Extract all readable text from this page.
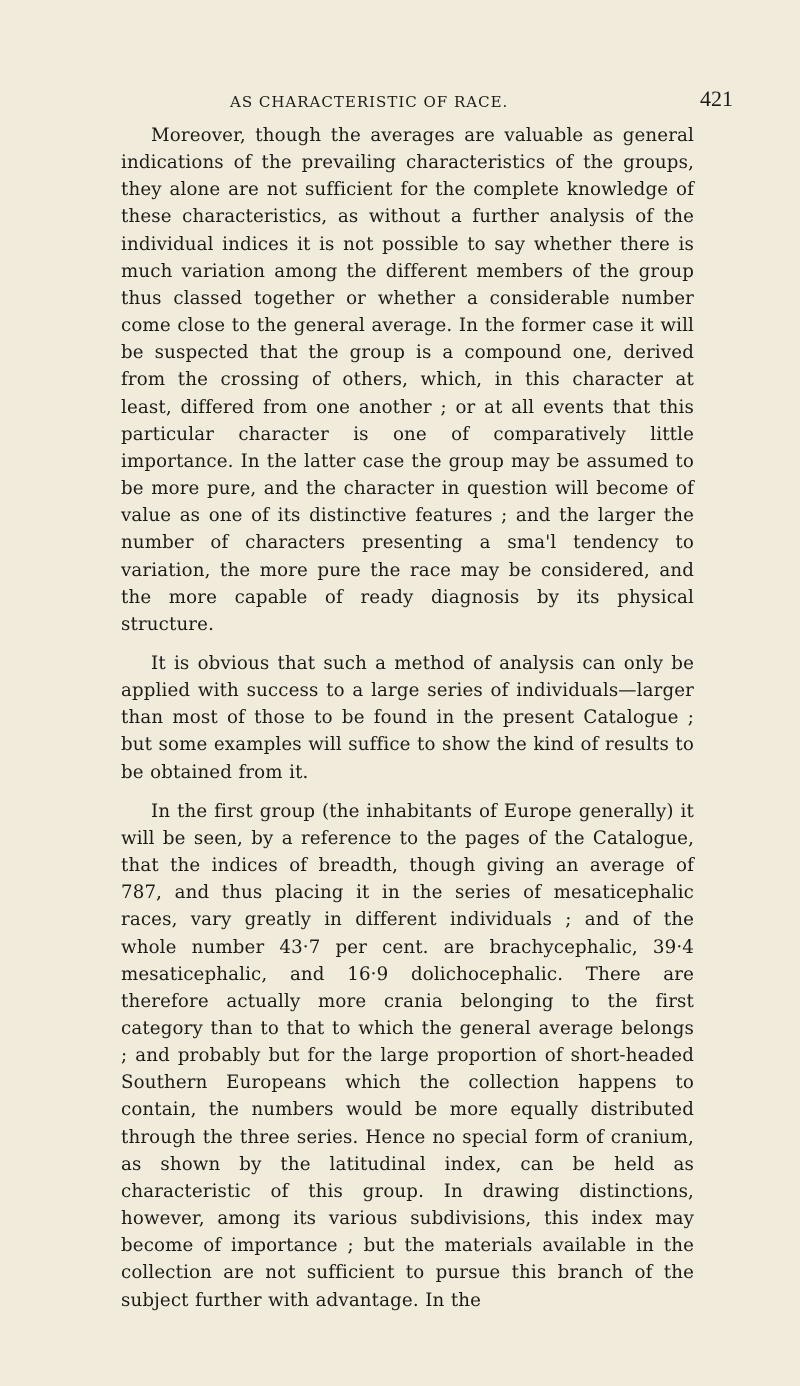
AS CHARACTERISTIC OF RACE.	421

Moreover, though the averages are valuable as general indications of the prevailing characteristics of the groups, they alone are not sufficient for the complete knowledge of these characteristics, as without a further analysis of the individual indices it is not possible to say whether there is much variation among the different members of the group thus classed together or whether a considerable number come close to the general average. In the former case it will be suspected that the group is a compound one, derived from the crossing of others, which, in this character at least, differed from one another ; or at all events that this particular character is one of comparatively little importance. In the latter case the group may be assumed to be more pure, and the character in question will become of value as one of its distinctive features ; and the larger the number of characters presenting a sma'l tendency to variation, the more pure the race may be considered, and the more capable of ready diagnosis by its physical structure.

It is obvious that such a method of analysis can only be applied with success to a large series of individuals—larger than most of those to be found in the present Catalogue ; but some examples will suffice to show the kind of results to be obtained from it.

In the first group (the inhabitants of Europe generally) it will be seen, by a reference to the pages of the Catalogue, that the indices of breadth, though giving an average of 787, and thus placing it in the series of mesaticephalic races, vary greatly in different individuals ; and of the whole number 43·7 per cent. are brachycephalic, 39·4 mesaticephalic, and 16·9 dolichocephalic. There are therefore actually more crania belonging to the first category than to that to which the general average belongs ; and probably but for the large proportion of short-headed Southern Europeans which the collection happens to contain, the numbers would be more equally distributed through the three series. Hence no special form of cranium, as shown by the latitudinal index, can be held as characteristic of this group. In drawing distinctions, however, among its various subdivisions, this index may become of importance ; but the materials available in the collection are not sufficient to pursue this branch of the subject further with advantage. In the
